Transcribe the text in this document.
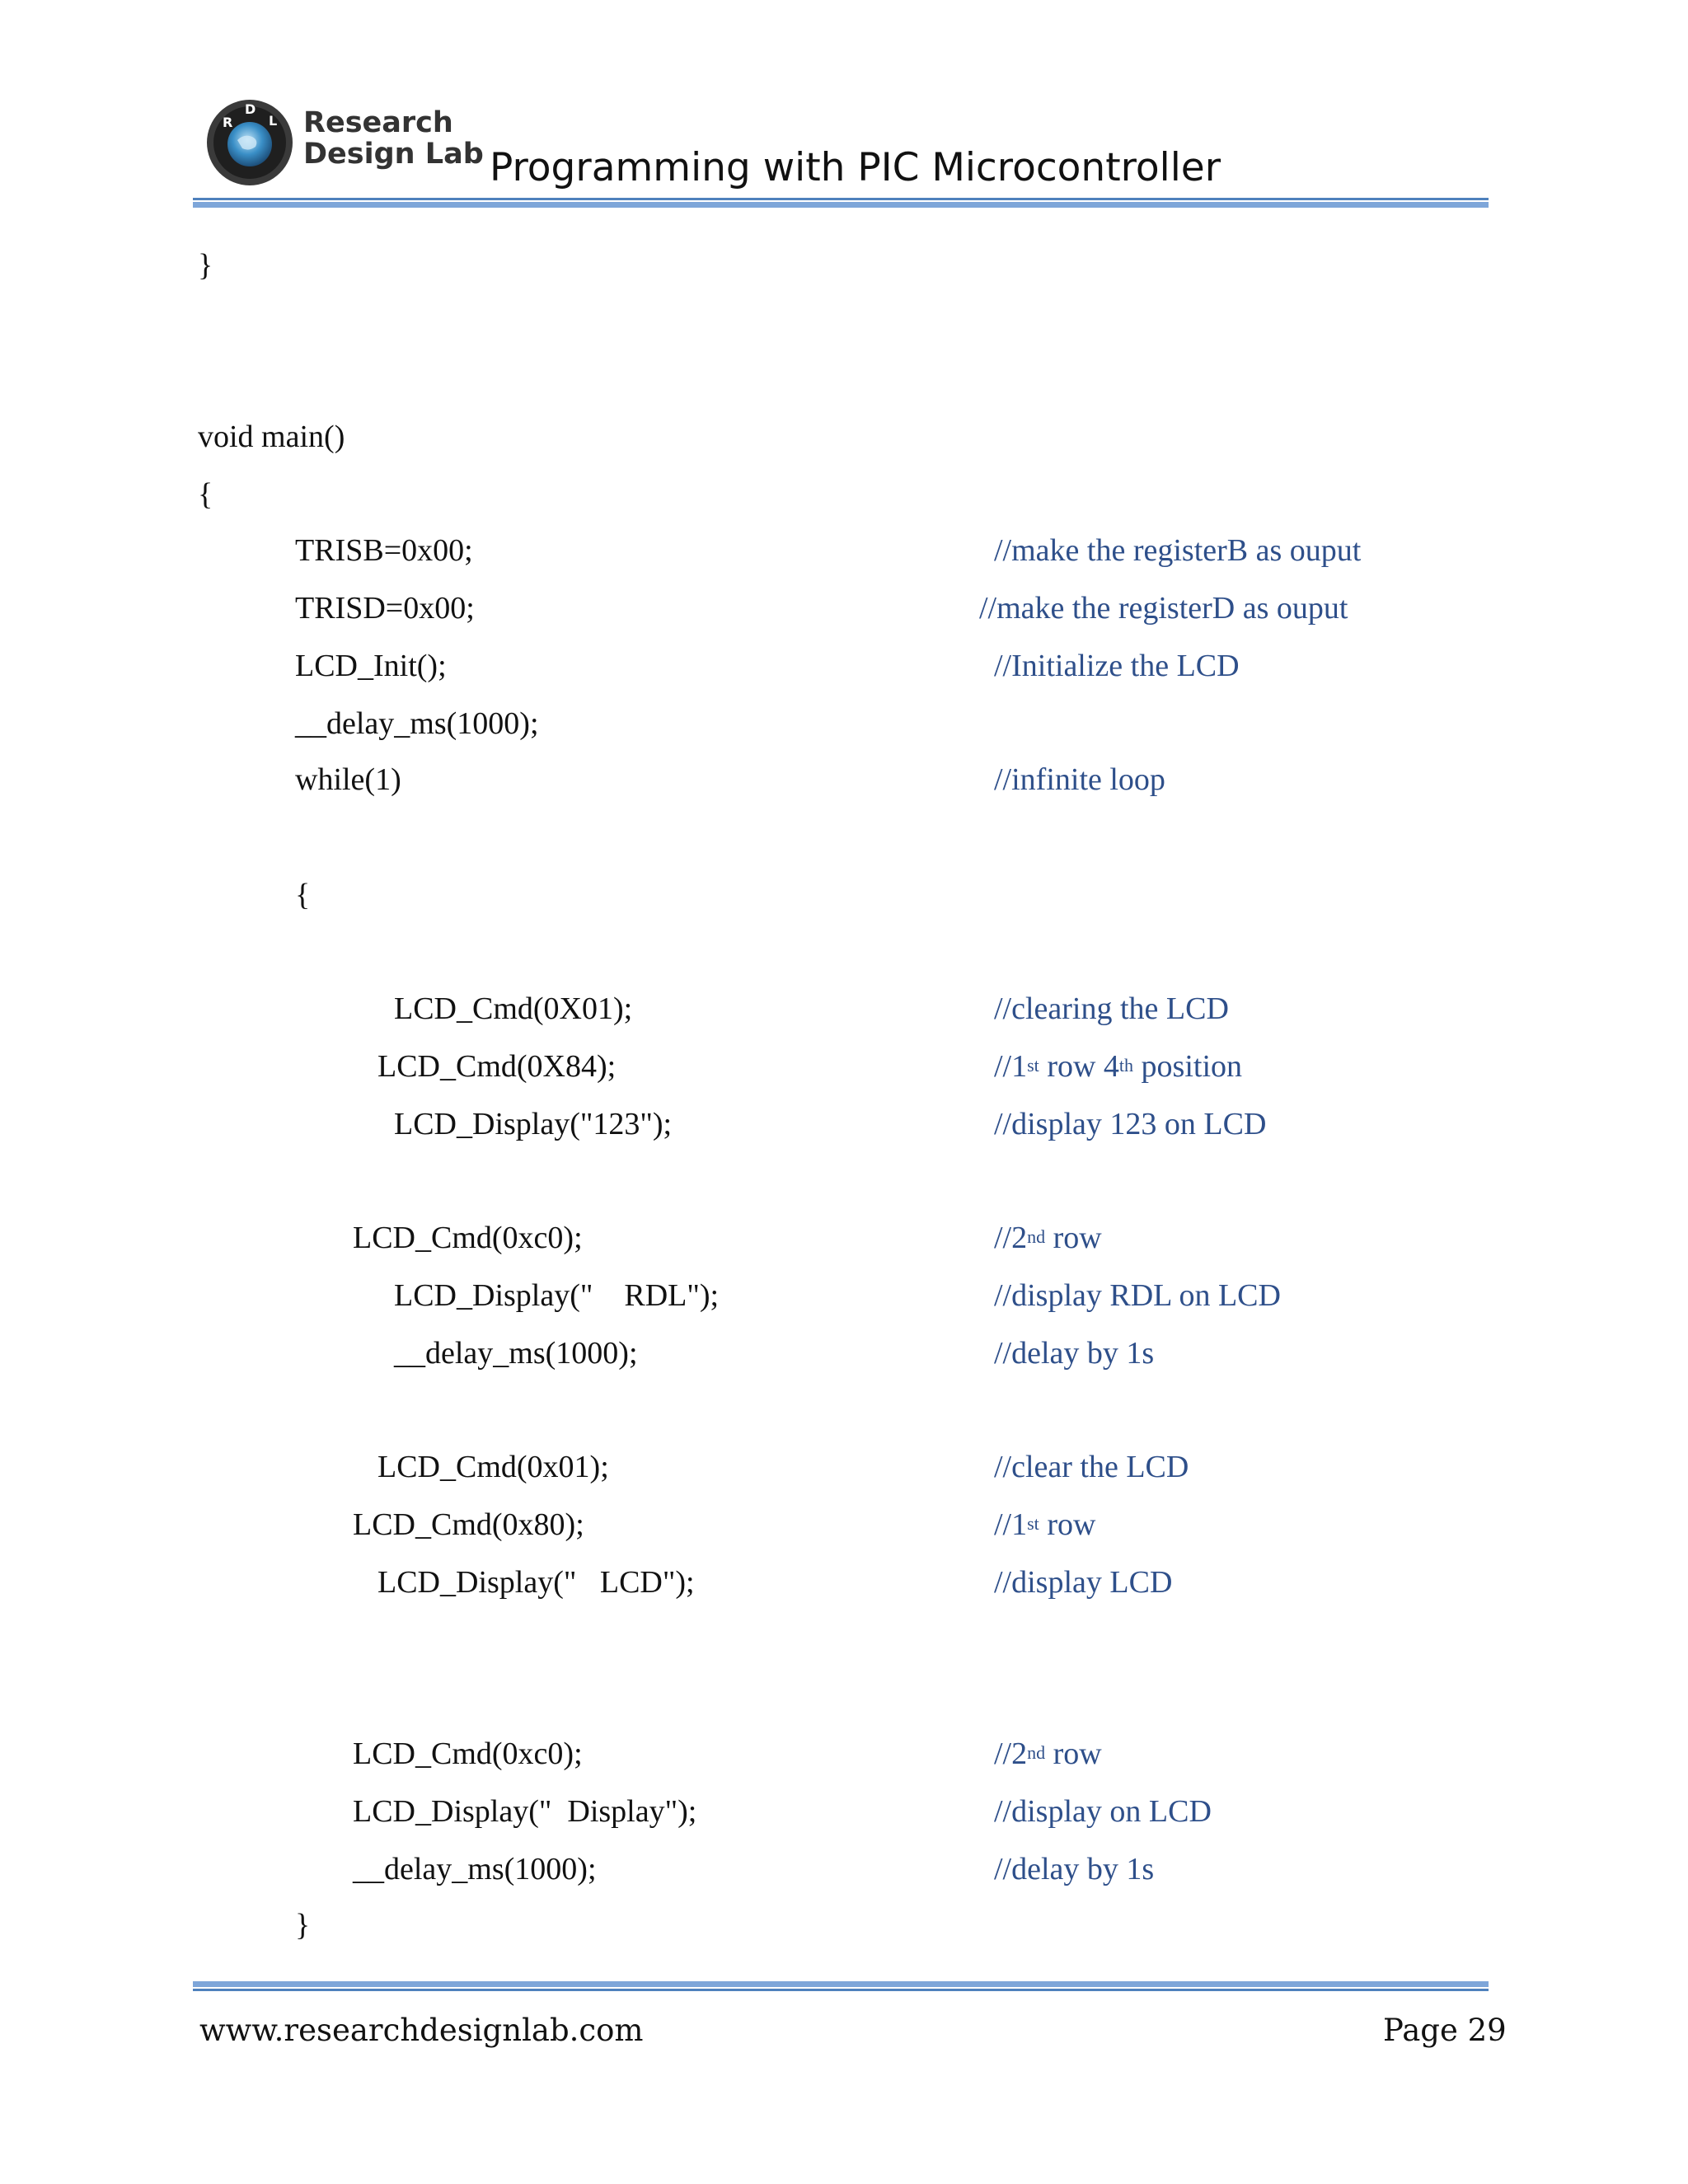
R
D
L Research
Design Lab Programming with PIC Microcontroller
}
void main()
{
TRISB=0x00;	//make the registerB as ouput
TRISD=0x00;	//make the registerD as ouput
LCD_Init();	//Initialize the LCD
__delay_ms(1000);
while(1)	//infinite loop
{
LCD_Cmd(0X01);	//clearing the LCD
LCD_Cmd(0X84);	//1st row 4th position
LCD_Display("123");	//display 123 on LCD
LCD_Cmd(0xc0);	//2nd row
LCD_Display("    RDL");	//display RDL on LCD
__delay_ms(1000);	//delay by 1s
LCD_Cmd(0x01);	//clear the LCD
LCD_Cmd(0x80);	//1st row
LCD_Display("   LCD");	//display LCD
LCD_Cmd(0xc0);	//2nd row
LCD_Display("  Display");	//display on LCD
__delay_ms(1000);	//delay by 1s
}
www.researchdesignlab.com	Page 29
